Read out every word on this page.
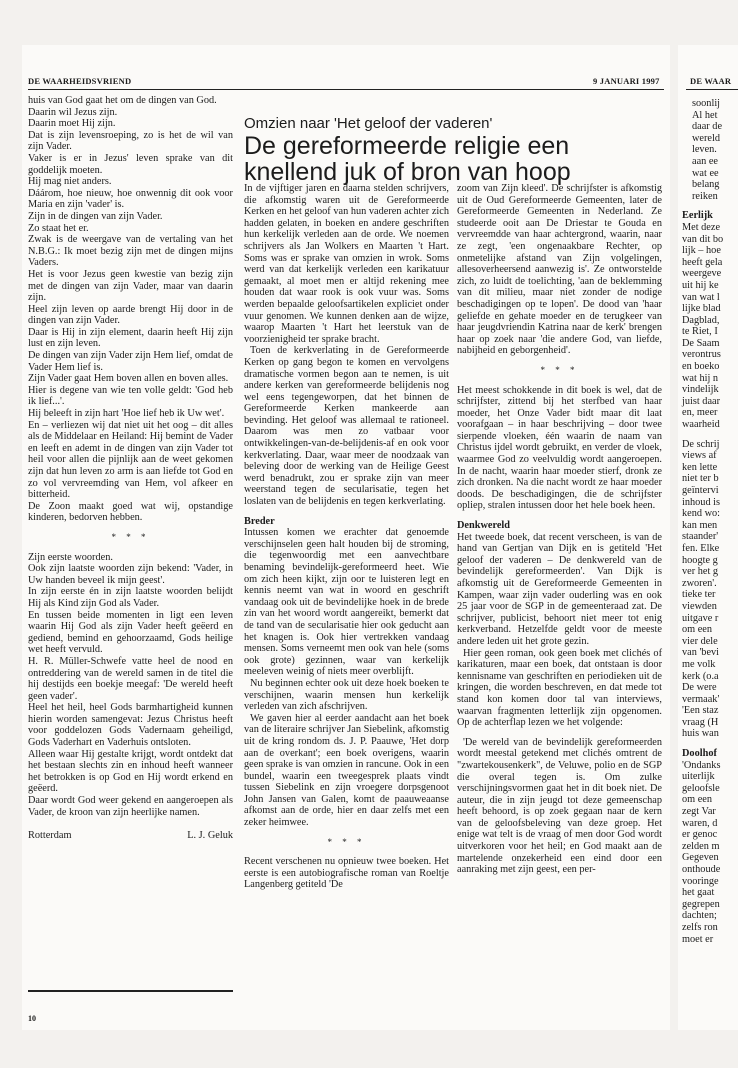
DE WAARHEIDSVRIEND	9 JANUARI 1997	DE WAAR
Omzien naar 'Het geloof der vaderen'
De gereformeerde religie een knellend juk of bron van hoop

huis van God gaat het om de dingen van God.

Daarin wil Jezus zijn.

Daarin moet Hij zijn.

Dat is zijn levensroeping, zo is het de wil van zijn Vader.

Vaker is er in Jezus' leven sprake van dit goddelijk moeten.

Hij mag niet anders.

Dáárom, hoe nieuw, hoe onwennig dit ook voor Maria en zijn 'vader' is.

Zijn in de dingen van zijn Vader.

Zo staat het er.

Zwak is de weergave van de vertaling van het N.B.G.: Ik moet bezig zijn met de dingen mijns Vaders.

Het is voor Jezus geen kwestie van bezig zijn met de dingen van zijn Vader, maar van daarin zijn.

Heel zijn leven op aarde brengt Hij door in de dingen van zijn Vader.

Daar is Hij in zijn element, daarin heeft Hij zijn lust en zijn leven.

De dingen van zijn Vader zijn Hem lief, omdat de Vader Hem lief is.

Zijn Vader gaat Hem boven allen en boven alles.

Hier is degene van wie ten volle geldt: 'God heb ik lief...'.

Hij beleeft in zijn hart 'Hoe lief heb ik Uw wet'.

En – verliezen wij dat niet uit het oog – dit alles als de Middelaar en Heiland: Hij bemint de Vader en leeft en ademt in de dingen van zijn Vader tot heil voor allen die pijnlijk aan de weet gekomen zijn dat hun leven zo arm is aan liefde tot God en zo vol vervreemding van Hem, vol afkeer en bitterheid.

De Zoon maakt goed wat wij, opstandige kinderen, bedorven hebben.

* * *

Zijn eerste woorden.

Ook zijn laatste woorden zijn bekend: 'Vader, in Uw handen beveel ik mijn geest'.

In zijn eerste én in zijn laatste woorden belijdt Hij als Kind zijn God als Vader.

En tussen beide momenten in ligt een leven waarin Hij God als zijn Vader heeft geëerd en gediend, bemind en gehoorzaamd, Gods heilige wet heeft vervuld.

H. R. Müller-Schwefe vatte heel de nood en ontreddering van de wereld samen in de titel die hij destijds een boekje meegaf: 'De wereld heeft geen vader'.

Heel het heil, heel Gods barmhartigheid kunnen hierin worden samengevat: Jezus Christus heeft voor goddelozen Gods Vadernaam geheiligd, Gods Vaderhart en Vaderhuis ontsloten.

Alleen waar Hij gestalte krijgt, wordt ontdekt dat het bestaan slechts zin en inhoud heeft wanneer het betrokken is op God en Hij wordt erkend en geëerd.

Daar wordt God weer gekend en aangeroepen als Vader, de kroon van zijn heerlijke namen.

Rotterdam	L. J. Geluk

10

In de vijftiger jaren en daarna stelden schrijvers, die afkomstig waren uit de Gereformeerde Kerken en het geloof van hun vaderen achter zich hadden gelaten, in boeken en andere geschriften hun kerkelijk verleden aan de orde. We noemen schrijvers als Jan Wolkers en Maarten 't Hart. Soms was er sprake van omzien in wrok. Soms werd van dat kerkelijk verleden een karikatuur gemaakt, al moet men er altijd rekening mee houden dat waar rook is ook vuur was. Soms werden bepaalde geloofsartikelen expliciet onder vuur genomen. We kunnen denken aan de wijze, waarop Maarten 't Hart het leerstuk van de voorzienigheid ter sprake bracht.

Toen de kerkverlating in de Gereformeerde Kerken op gang begon te komen en vervolgens dramatische vormen begon aan te nemen, is uit andere kerken van gereformeerde belijdenis nog wel eens tegengeworpen, dat het binnen de Gereformeerde Kerken mankeerde aan bevinding. Het geloof was allemaal te rationeel. Daarom was men zo vatbaar voor ontwikkelingen-van-de-belijdenis-af en ook voor kerkverlating. Daar, waar meer de noodzaak van beleving door de werking van de Heilige Geest werd benadrukt, zou er sprake zijn van meer weerstand tegen de secularisatie, tegen het loslaten van de belijdenis en tegen kerkverlating.

Breder

Intussen komen we erachter dat genoemde verschijnselen geen halt houden bij de stroming, die tegenwoordig met een aanvechtbare benaming bevindelijk-gereformeerd heet. Wie om zich heen kijkt, zijn oor te luisteren legt en kennis neemt van wat in woord en geschrift vandaag ook uit de bevindelijke hoek in de brede zin van het woord wordt aangereikt, bemerkt dat de tand van de secularisatie hier ook geducht aan het knagen is. Ook hier vertrekken vandaag mensen. Soms verneemt men ook van hele (soms ook grote) gezinnen, waar van kerkelijk meeleven weinig of niets meer overblijft.

Nu beginnen echter ook uit deze hoek boeken te verschijnen, waarin mensen hun kerkelijk verleden van zich afschrijven.

We gaven hier al eerder aandacht aan het boek van de literaire schrijver Jan Siebelink, afkomstig uit de kring rondom ds. J. P. Paauwe, 'Het dorp aan de overkant'; een boek overigens, waarin geen sprake is van omzien in rancune. Ook in een bundel, waarin een tweegesprek plaats vindt tussen Siebelink en zijn vroegere dorpsgenoot John Jansen van Galen, komt de paauweaanse afkomst aan de orde, hier en daar zelfs met een zeker heimwee.

* * *

Recent verschenen nu opnieuw twee boeken. Het eerste is een autobiografische roman van Roeltje Langenberg getiteld 'De

zoom van Zijn kleed'. De schrijfster is afkomstig uit de Oud Gereformeerde Gemeenten, later de Gereformeerde Gemeenten in Nederland. Ze studeerde ooit aan De Driestar te Gouda en vervreemdde van haar achtergrond, waarin, naar ze zegt, 'een ongenaakbare Rechter, op onmetelijke afstand van Zijn volgelingen, allesoverheersend aanwezig is'. Ze ontworstelde zich, zo luidt de toelichting, 'aan de beklemming van dit milieu, maar niet zonder de nodige beschadigingen op te lopen'. De dood van 'haar geliefde en gehate moeder en de terugkeer van haar jeugdvriendin Katrina naar de kerk' brengen haar op zoek naar 'die andere God, van liefde, nabijheid en geborgenheid'.

* * *

Het meest schokkende in dit boek is wel, dat de schrijfster, zittend bij het sterfbed van haar moeder, het Onze Vader bidt maar dit laat voorafgaan – in haar beschrijving – door twee sierpende vloeken, één waarin de naam van Christus ijdel wordt gebruikt, en verder de vloek, waarmee God zo veelvuldig wordt aangeroepen. In de nacht, waarin haar moeder stierf, dronk ze zich dronken. Na die nacht wordt ze haar moeder doods. De beschadigingen, die de schrijfster opliep, stralen intussen door het hele boek heen.

Denkwereld

Het tweede boek, dat recent verscheen, is van de hand van Gertjan van Dijk en is getiteld 'Het geloof der vaderen – De denkwereld van de bevindelijk gereformeerden'. Van Dijk is afkomstig uit de Gereformeerde Gemeenten in Kampen, waar zijn vader ouderling was en ook 25 jaar voor de SGP in de gemeenteraad zat. De schrijver, publicist, behoort niet meer tot enig kerkverband. Hetzelfde geldt voor de meeste andere leden uit het grote gezin.

Hier geen roman, ook geen boek met clichés of karikaturen, maar een boek, dat ontstaan is door kennisname van geschriften en periodieken uit de kringen, die worden beschreven, en dat mede tot stand kon komen door tal van interviews, waarvan fragmenten letterlijk zijn opgenomen. Op de achterflap lezen we het volgende:

'De wereld van de bevindelijk gereformeerden wordt meestal getekend met clichés omtrent de "zwartekousenkerk", de Veluwe, polio en de SGP die overal tegen is. Om zulke verschijningsvormen gaat het in dit boek niet. De auteur, die in zijn jeugd tot deze gemeenschap heeft behoord, is op zoek gegaan naar de kern van de geloofsbeleving van deze groep. Het enige wat telt is de vraag of men door God wordt uitverkoren voor het heil; en God maakt aan de martelende onzekerheid een eind door een aanraking met zijn geest, een per-

soonlij

Al het

daar de

wereld

leven.

aan ee

wat ee

belang

reiken

Eerlijk

Met deze

van dit bo

lijk – hoe

heeft gela

weergeve

uit hij ke

van wat l

lijke blad

Dagblad,

te Riet, I

De Saam

verontrus

en boeko

wat hij n

vindelijk

juist daar

en, meer

waarheid

De schrij

views af

ken lette

niet ter b

geïntervi

inhoud is

kend wo:

kan men

staander'

fen. Elke

hoogte g

ver het g

zworen'.

tieke ter

viewden

uitgave r

om een

vier dele

van 'bevi

me volk

kerk (o.a

De were

vermaak'

'Een staz

vraag (H

huis wan

Doolhof

'Ondanks

uiterlijk

geloofsle

om een

zegt Var

waren, d

er genoc

zelden m

Gegeven

onthoude

vooringe

het gaat

gegrepen

dachten;

zelfs ron

moet er
